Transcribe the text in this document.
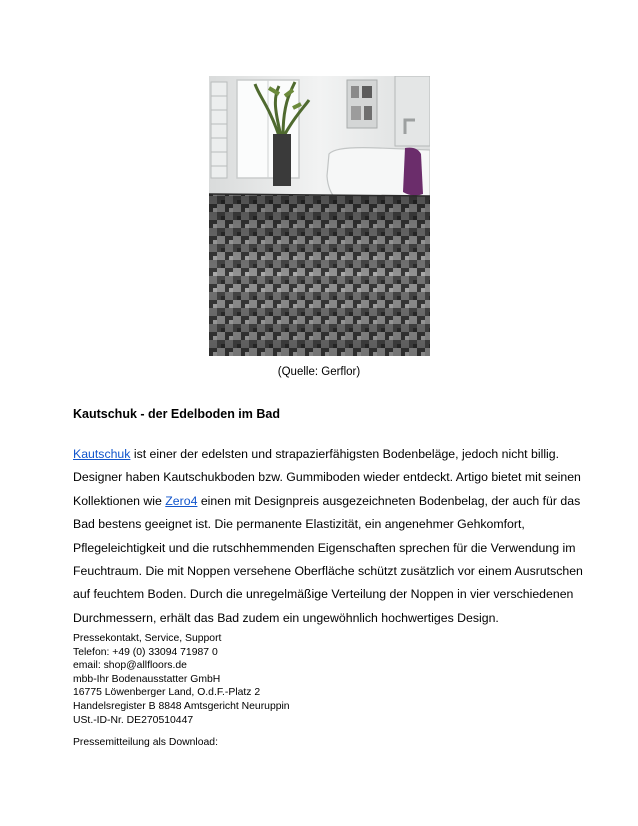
(Quelle: Gerflor)
Kautschuk - der Edelboden im Bad

Kautschuk ist einer der edelsten und strapazierfähigsten Bodenbeläge, jedoch nicht billig.

Designer haben Kautschukboden bzw. Gummiboden wieder entdeckt. Artigo bietet mit seinen

Kollektionen wie Zero4 einen mit Designpreis ausgezeichneten Bodenbelag, der auch für das

Bad bestens geeignet ist. Die permanente Elastizität, ein angenehmer Gehkomfort,

Pflegeleichtigkeit und die rutschhemmenden Eigenschaften sprechen für die Verwendung im

Feuchtraum. Die mit Noppen versehene Oberfläche schützt zusätzlich vor einem Ausrutschen

auf feuchtem Boden. Durch die unregelmäßige Verteilung der Noppen in vier verschiedenen

Durchmessern, erhält das Bad zudem ein ungewöhnlich hochwertiges Design.

Pressekontakt, Service, Support
Telefon: +49 (0) 33094 71987 0
email: shop@allfloors.de
mbb-Ihr Bodenausstatter GmbH
16775 Löwenberger Land, O.d.F.-Platz 2
Handelsregister B 8848 Amtsgericht Neuruppin
USt.-ID-Nr. DE270510447
Pressemitteilung als Download:
